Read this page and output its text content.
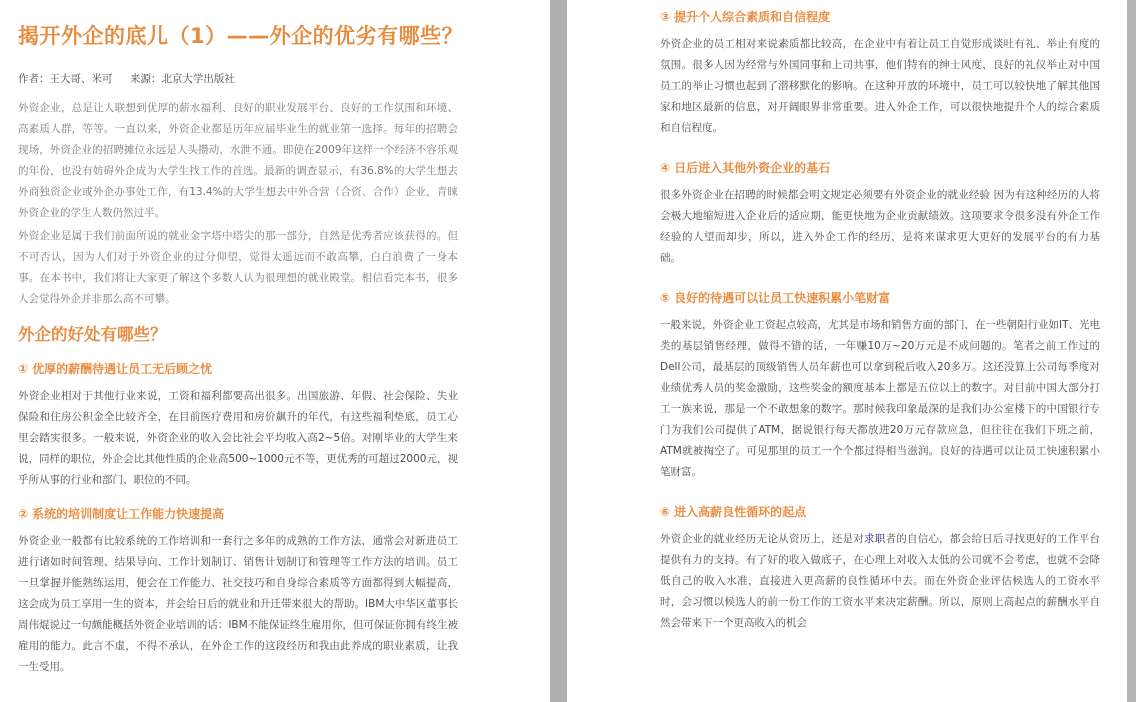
揭开外企的底儿（1）——外企的优劣有哪些？
作者：王大哥、米可 来源：北京大学出版社

外资企业，总是让人联想到优厚的薪水福利、良好的职业发展平台、良好的工作氛围和环境、高素质人群，等等。一直以来，外资企业都是历年应届毕业生的就业第一选择。每年的招聘会现场，外资企业的招聘摊位永远是人头攒动，水泄不通。即使在2009年这样一个经济不容乐观的年份，也没有妨碍外企成为大学生找工作的首选。最新的调查显示，有36.8%的大学生想去外商独资企业或外企办事处工作，有13.4%的大学生想去中外合营（合资、合作）企业，青睐外资企业的学生人数仍然过半。

外资企业是属于我们前面所说的就业金字塔中塔尖的那一部分，自然是优秀者应该获得的。但不可否认，因为人们对于外资企业的过分仰望，觉得太遥远而不敢高攀，白白浪费了一身本事。在本书中，我们将让大家更了解这个多数人认为很理想的就业殿堂。相信看完本书，很多人会觉得外企并非那么高不可攀。

外企的好处有哪些？
① 优厚的薪酬待遇让员工无后顾之忧

外资企业相对于其他行业来说，工资和福利都要高出很多。出国旅游、年假、社会保险、失业保险和住房公积金全比较齐全，在目前医疗费用和房价飙升的年代，有这些福利垫底，员工心里会踏实很多。一般来说，外资企业的收入会比社会平均收入高2~5倍。对刚毕业的大学生来说，同样的职位，外企会比其他性质的企业高500~1000元不等，更优秀的可超过2000元，视乎所从事的行业和部门、职位的不同。

② 系统的培训制度让工作能力快速提高

外资企业一般都有比较系统的工作培训和一套行之多年的成熟的工作方法，通常会对新进员工进行诸如时间管理、结果导向、工作计划制订、销售计划制订和管理等工作方法的培训。员工一旦掌握并能熟练运用，便会在工作能力、社交技巧和自身综合素质等方面都得到大幅提高，这会成为员工享用一生的资本，并会给日后的就业和升迁带来很大的帮助。IBM大中华区董事长周伟焜说过一句颇能概括外资企业培训的话：IBM不能保证终生雇用你，但可保证你拥有终生被雇用的能力。此言不虚，不得不承认，在外企工作的这段经历和我由此养成的职业素质，让我一生受用。

③ 提升个人综合素质和自信程度

外资企业的员工相对来说素质都比较高，在企业中有着让员工自觉形成谈吐有礼、举止有度的氛围。很多人因为经常与外国同事和上司共事，他们特有的绅士风度、良好的礼仪举止对中国员工的举止习惯也起到了潜移默化的影响。在这种开放的环境中，员工可以较快地了解其他国家和地区最新的信息，对开阔眼界非常重要。进入外企工作，可以很快地提升个人的综合素质和自信程度。

④ 日后进入其他外资企业的基石

很多外资企业在招聘的时候都会明文规定必须要有外资企业的就业经验 因为有这种经历的人将会极大地缩短进入企业后的适应期，能更快地为企业贡献绩效。这项要求令很多没有外企工作经验的人望而却步，所以，进入外企工作的经历，是将来谋求更大更好的发展平台的有力基础。

⑤ 良好的待遇可以让员工快速积累小笔财富

一般来说，外资企业工资起点较高，尤其是市场和销售方面的部门，在一些朝阳行业如IT、光电类的基层销售经理，做得不错的话，一年赚10万~20万元是不成问题的。笔者之前工作过的Dell公司，最基层的顶级销售人员年薪也可以拿到税后收入20多万。这还没算上公司每季度对业绩优秀人员的奖金激励，这些奖金的额度基本上都是五位以上的数字。对目前中国大部分打工一族来说，那是一个不敢想象的数字。那时候我印象最深的是我们办公室楼下的中国银行专门为我们公司提供了ATM，据说银行每天都放进20万元存款应急，但往往在我们下班之前，ATM就被掏空了。可见那里的员工一个个都过得相当滋润。良好的待遇可以让员工快速积累小笔财富。

⑥ 进入高薪良性循环的起点

外资企业的就业经历无论从资历上，还是对求职者的自信心，都会给日后寻找更好的工作平台提供有力的支持。有了好的收入做底子，在心理上对收入太低的公司就不会考虑，也就不会降低自己的收入水准，直接进入更高薪的良性循环中去。而在外资企业评估候选人的工资水平时，会习惯以候选人的前一份工作的工资水平来决定薪酬。所以，原则上高起点的薪酬水平自然会带来下一个更高收入的机会
